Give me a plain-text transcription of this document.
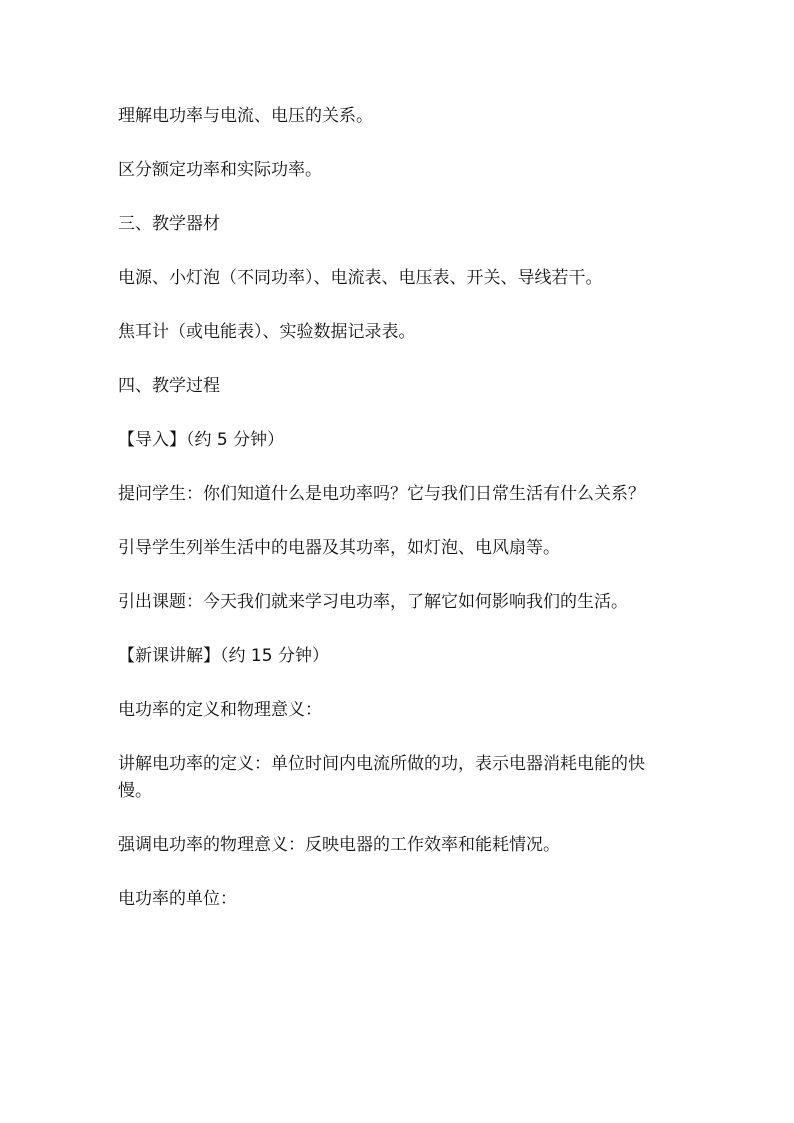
理解电功率与电流、电压的关系。

区分额定功率和实际功率。

三、教学器材

电源、小灯泡（不同功率）、电流表、电压表、开关、导线若干。

焦耳计（或电能表）、实验数据记录表。

四、教学过程

【导入】（约 5 分钟）

提问学生：你们知道什么是电功率吗？它与我们日常生活有什么关系？

引导学生列举生活中的电器及其功率，如灯泡、电风扇等。

引出课题：今天我们就来学习电功率，了解它如何影响我们的生活。

【新课讲解】（约 15 分钟）

电功率的定义和物理意义：

讲解电功率的定义：单位时间内电流所做的功，表示电器消耗电能的快慢。

强调电功率的物理意义：反映电器的工作效率和能耗情况。

电功率的单位：
